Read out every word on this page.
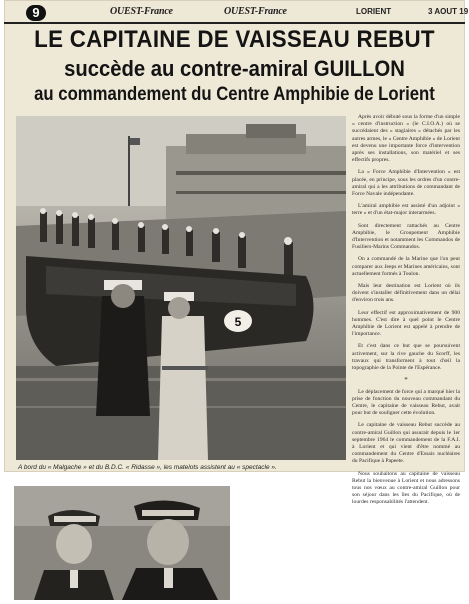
9	OUEST-France	OUEST-France	LORIENT	3 AOUT 19
LE CAPITAINE DE VAISSEAU REBUT
succède au contre-amiral GUILLON
au commandement du Centre Amphibie de Lorient
5
A bord du « Malgache » et du B.D.C. « Ridasse », les matelots assistent au « spectacle ».

Après avoir débuté sous la forme d'un simple « centre d'instruction » (le C.I.O.A.) où se succédaient des « stagiaires » détachés par les autres armes, le « Centre Amphibie » de Lorient est devenu une importante force d'intervention après ses installations, son matériel et ses effectifs propres.

La « Force Amphibie d'Intervention » est placée, en principe, sous les ordres d'un contre-amiral qui a les attributions de commandant de Force Navale indépendante.

L'amiral amphibie est assisté d'un adjoint « terre » et d'un état-major interarmées.

Sont directement rattachés au Centre Amphibie, le Groupement Amphibie d'Intervention et notamment les Commandos de Fusiliers-Marins Commandos.

On a commandé de la Marine que l'on peut comparer aux Jeeps et Marines américains, sont actuellement formés à Toulon.

Mais leur destination est Lorient où ils doivent s'installer définitivement dans un délai d'environ trois ans.

Leur effectif est approximativement de 900 hommes. C'est dire à quel point le Centre Amphibie de Lorient est appelé à prendre de l'importance.

Et c'est dans ce but que se poursuivent activement, sur la rive gauche du Scorff, les travaux qui transforment à tout d'œil la topographie de la Pointe de l'Espérance.

*

Le déplacement de force qui a marqué hier la prise de fonction du nouveau commandant du Centre, le capitaine de vaisseau Rebut, avait pour but de souligner cette évolution.

Le capitaine de vaisseau Rebut succède au contre-amiral Guillon qui assurait depuis le 1er septembre 1964 le commandement de la F.A.I. à Lorient et qui vient d'être nommé au commandement du Centre d'Essais nucléaires du Pacifique à Papeete.

Nous souhaitons au capitaine de vaisseau Rebut la bienvenue à Lorient et nous adressons tous nos vœux au contre-amiral Guillon pour son séjour dans les îles du Pacifique, où de lourdes responsabilités l'attendent.
